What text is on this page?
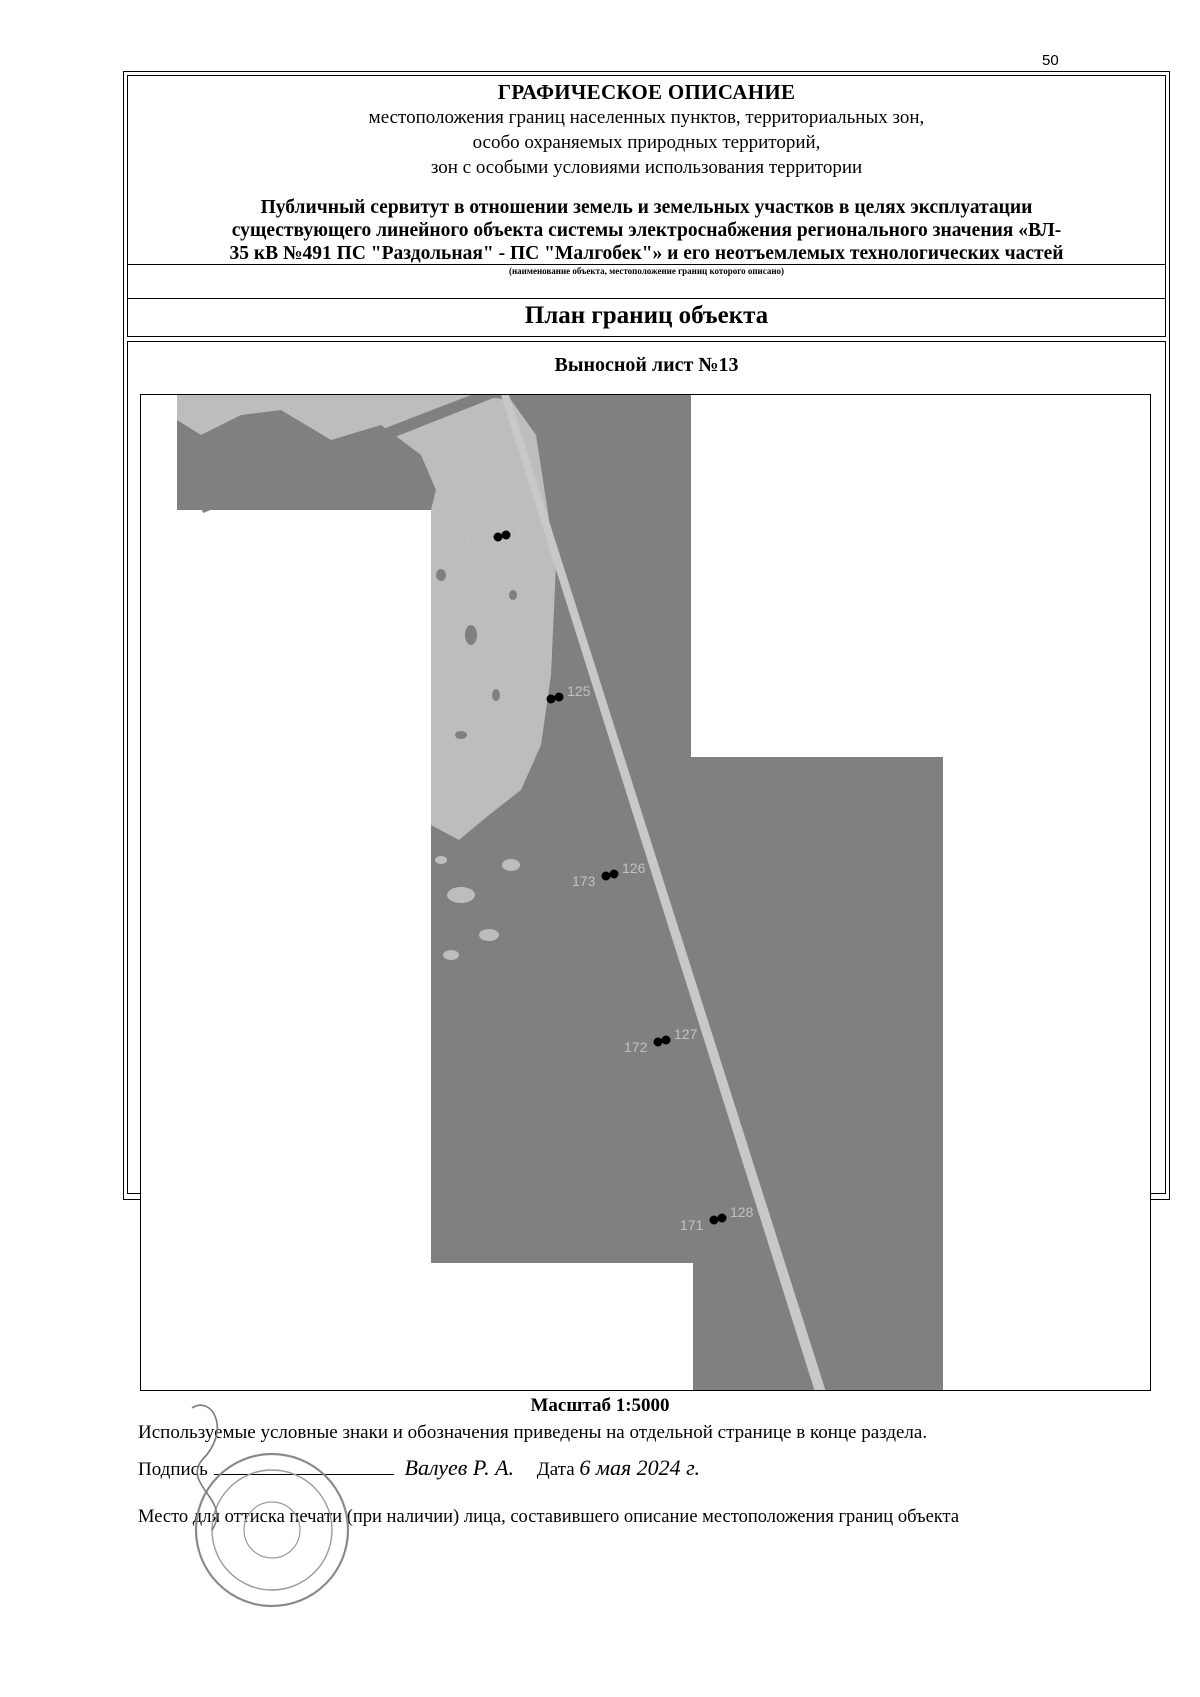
50
ГРАФИЧЕСКОЕ ОПИСАНИЕ
местоположения границ населенных пунктов, территориальных зон,
особо охраняемых природных территорий,
зон с особыми условиями использования территории
Публичный сервитут в отношении земель и земельных участков в целях эксплуатации
существующего линейного объекта системы электроснабжения регионального значения «ВЛ-
35 кВ №491 ПС "Раздольная" - ПС "Малгобек"» и его неотъемлемых технологических частей
(наименование объекта, местоположение границ которого описано)
План границ объекта
Выносной лист №13
175
124
174
125
173
126
172
127
171
128
Масштаб 1:5000
Используемые условные знаки и обозначения приведены на отдельной странице в конце раздела.
Подпись	Валуев Р. А. Дата 6 мая 2024 г.
Место для оттиска печати (при наличии) лица, составившего описание местоположения границ объекта
